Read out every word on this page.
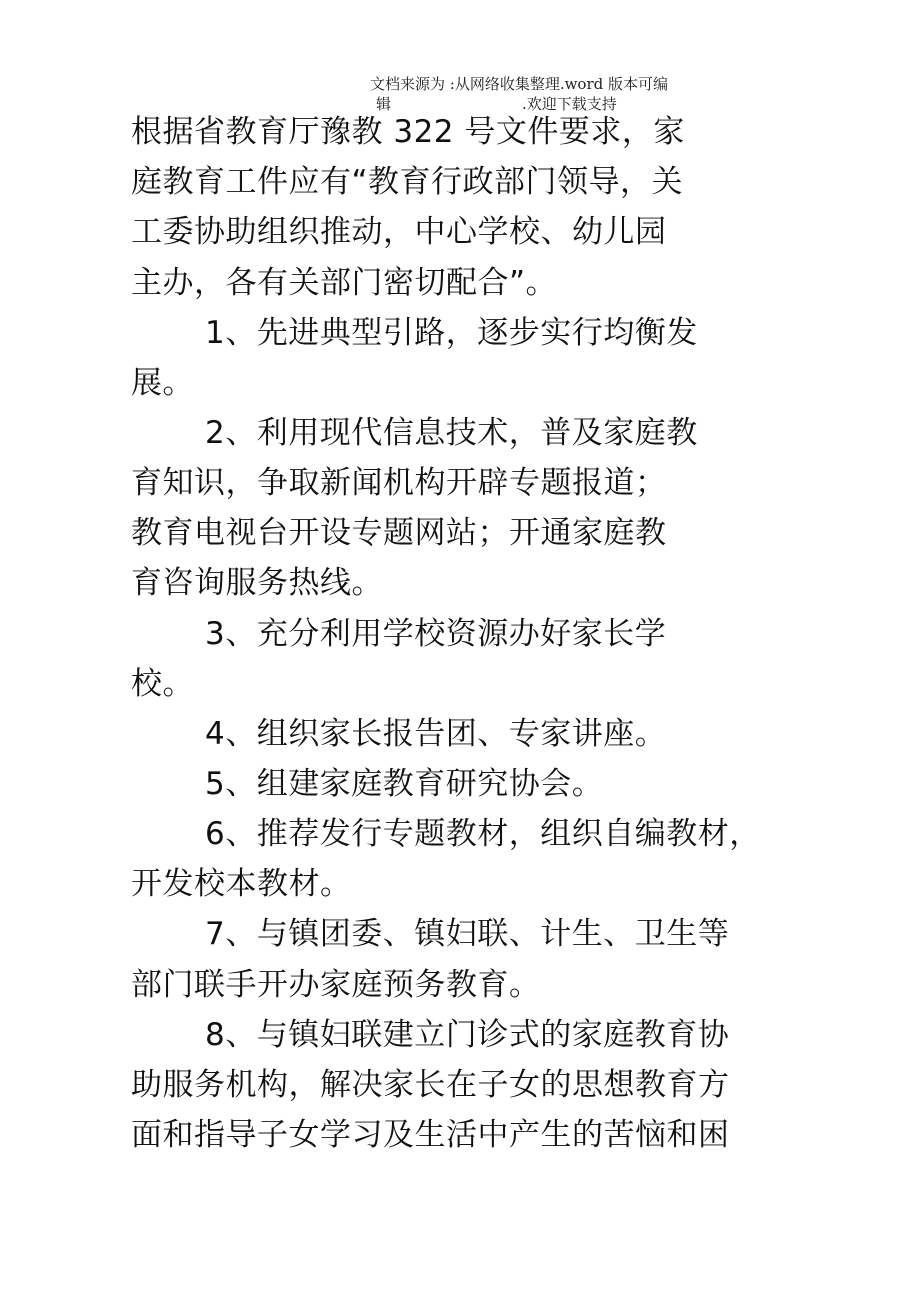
文档来源为 :从网络收集整理.word 版本可编
辑	.欢迎下载支持
根据省教育厅豫教 322 号文件要求，家
庭教育工件应有“教育行政部门领导，关
工委协助组织推动，中心学校、幼儿园
主办，各有关部门密切配合”。
1、先进典型引路，逐步实行均衡发
展。
2、利用现代信息技术，普及家庭教
育知识，争取新闻机构开辟专题报道；
教育电视台开设专题网站；开通家庭教
育咨询服务热线。
3、充分利用学校资源办好家长学
校。
4、组织家长报告团、专家讲座。
5、组建家庭教育研究协会。
6、推荐发行专题教材，组织自编教材，
开发校本教材。
7、与镇团委、镇妇联、计生、卫生等
部门联手开办家庭预务教育。
8、与镇妇联建立门诊式的家庭教育协
助服务机构，解决家长在子女的思想教育方
面和指导子女学习及生活中产生的苦恼和困
